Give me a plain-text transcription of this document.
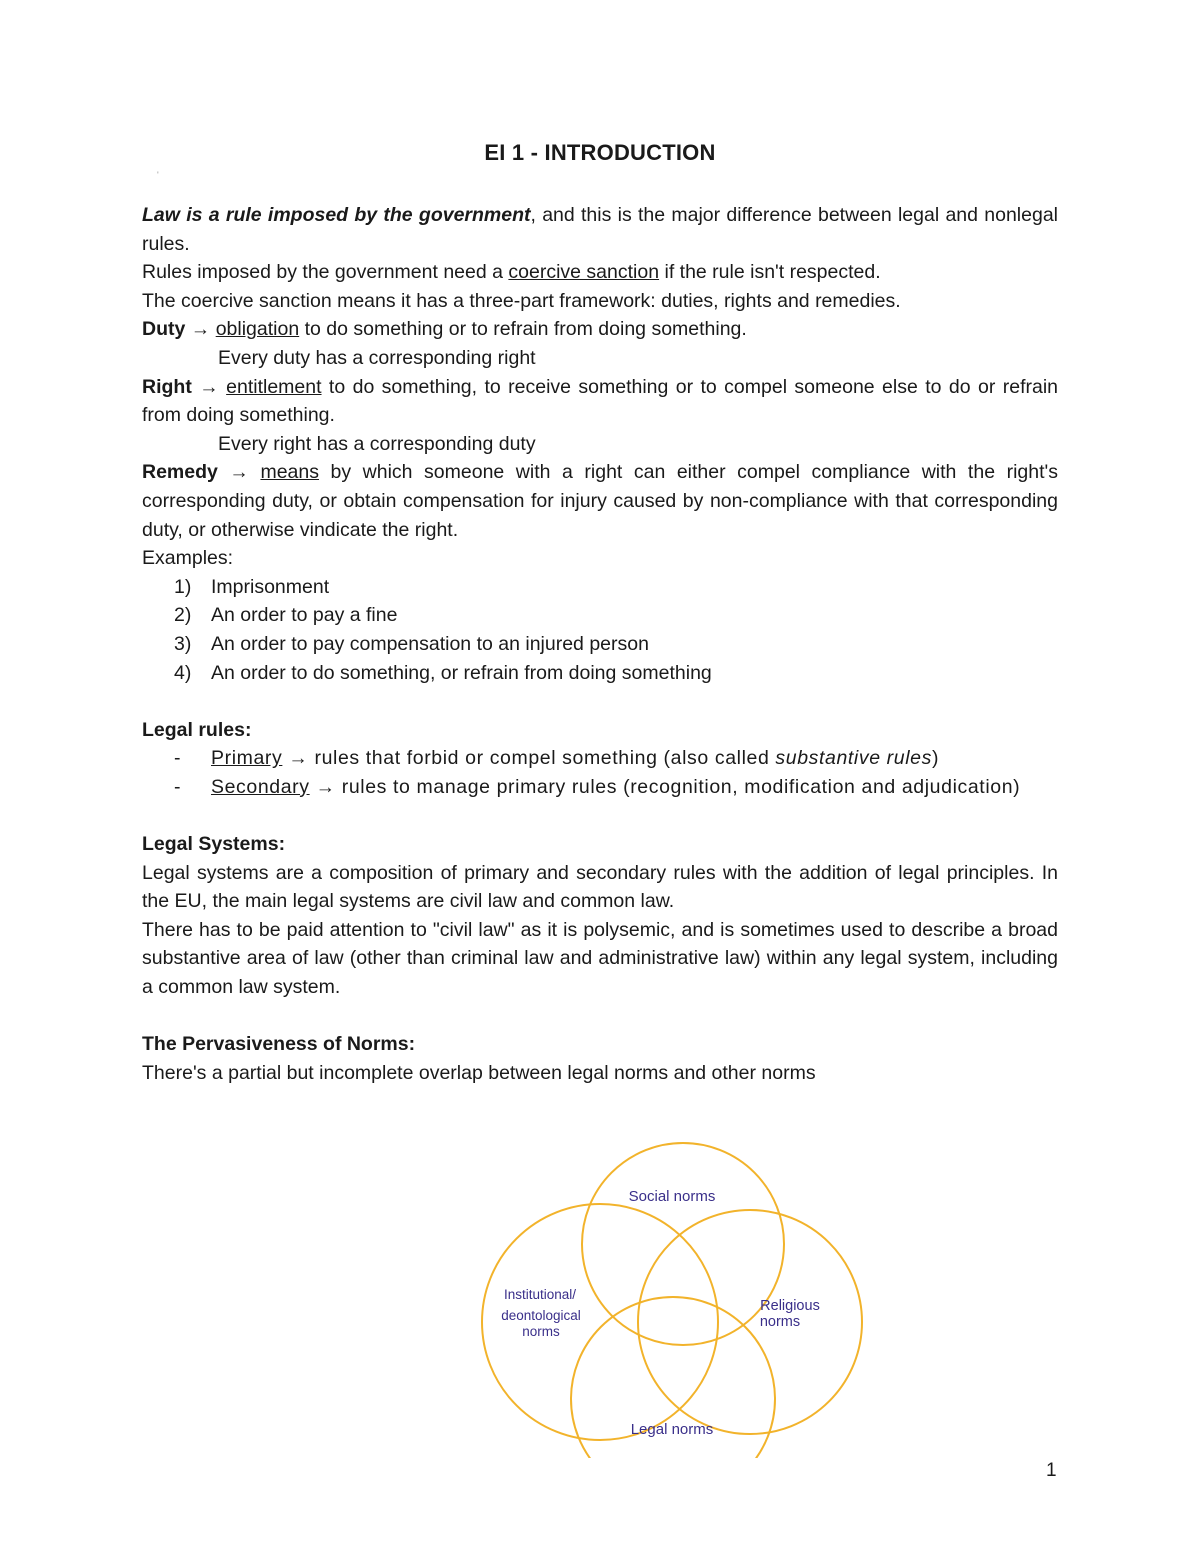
EI 1 - INTRODUCTION
'

Law is a rule imposed by the government, and this is the major difference between legal and nonlegal rules.

Rules imposed by the government need a coercive sanction if the rule isn't respected.

The coercive sanction means it has a three-part framework: duties, rights and remedies.

Duty → obligation to do something or to refrain from doing something.

Every duty has a corresponding right

Right → entitlement to do something, to receive something or to compel someone else to do or refrain from doing something.

Every right has a corresponding duty

Remedy → means by which someone with a right can either compel compliance with the right's corresponding duty, or obtain compensation for injury caused by non-compliance with that corresponding duty, or otherwise vindicate the right.

Examples:

1)	Imprisonment
2)	An order to pay a fine
3)	An order to pay compensation to an injured person
4)	An order to do something, or refrain from doing something

Legal rules:

-	Primary → rules that forbid or compel something (also called substantive rules)
-	Secondary → rules to manage primary rules (recognition, modification and adjudication)

Legal Systems:

Legal systems are a composition of primary and secondary rules with the addition of legal principles. In the EU, the main legal systems are civil law and common law.

There has to be paid attention to "civil law" as it is polysemic, and is sometimes used to describe a broad substantive area of law (other than criminal law and administrative law) within any legal system, including a common law system.

The Pervasiveness of Norms:

There's a partial but incomplete overlap between legal norms and other norms

Social norms
Institutional/
deontological
norms
Religious
norms
Legal norms
1
